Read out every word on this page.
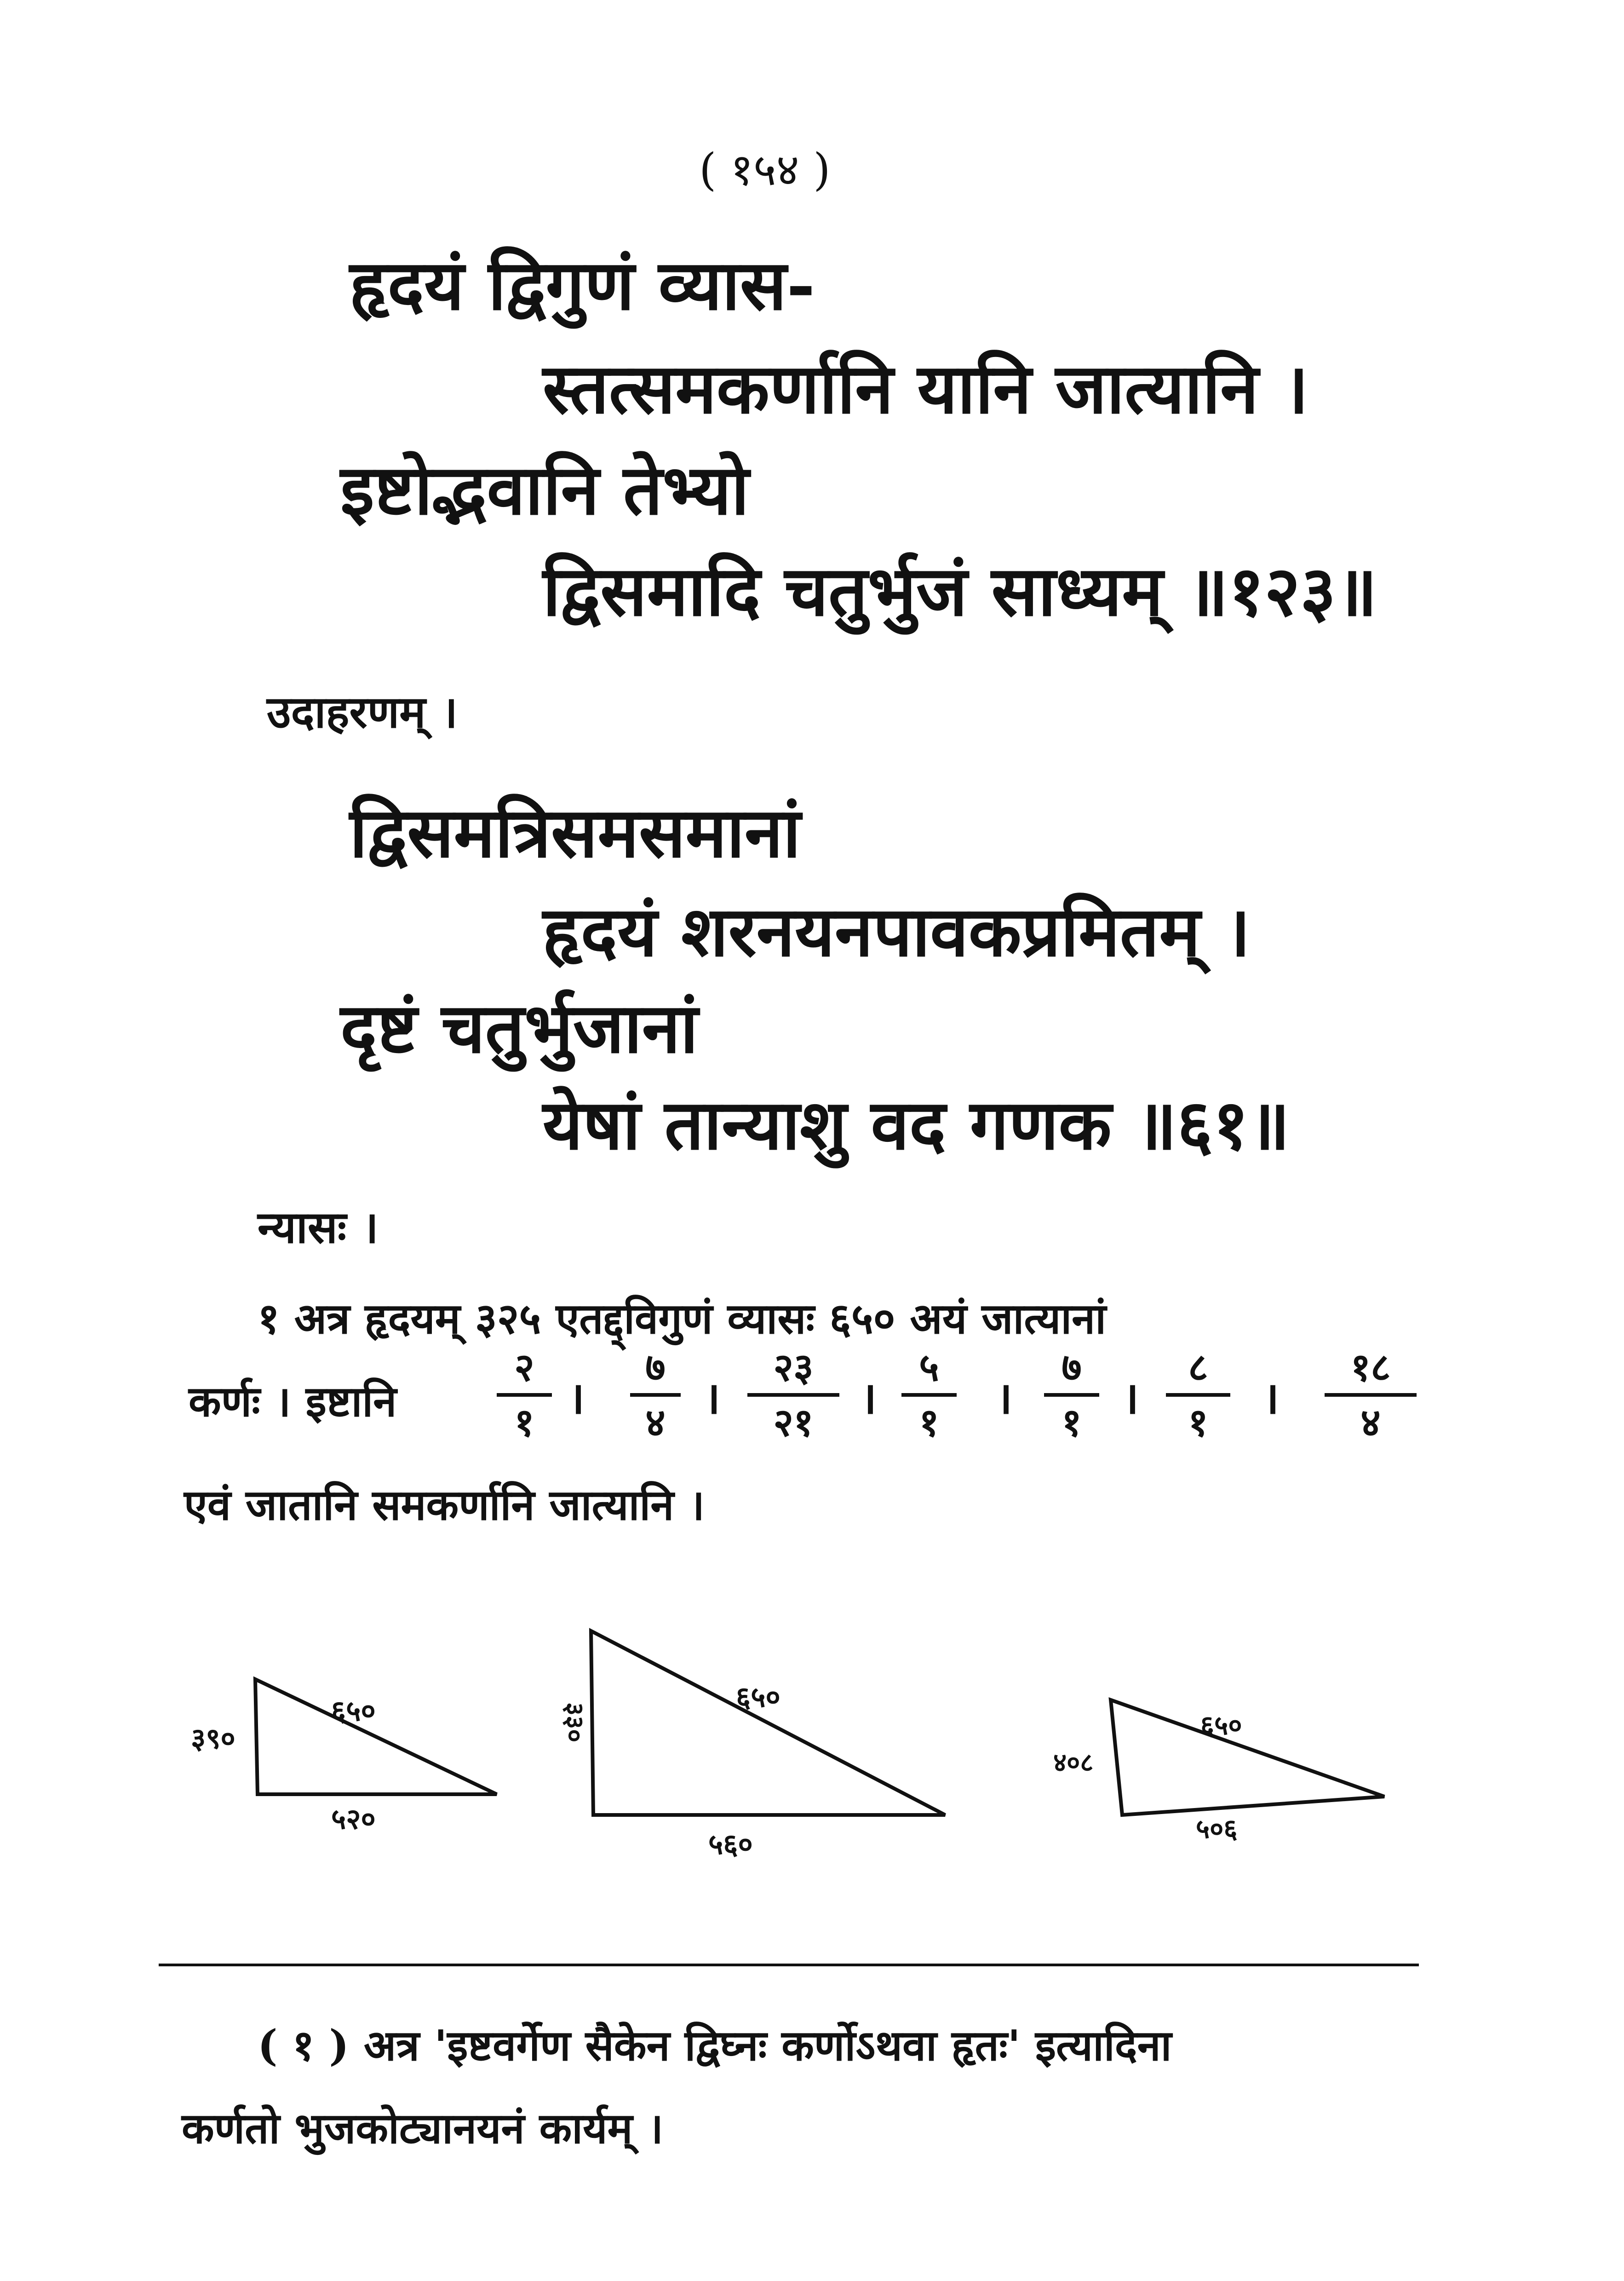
( १५४ )
हृदयं द्विगुणं व्यास-
स्तत्समकर्णानि यानि जात्यानि ।
इष्टोद्भवानि तेभ्यो
द्विसमादि चतुर्भुजं साध्यम् ॥१२३॥
उदाहरणम् ।
द्विसमत्रिसमसमानां
हृदयं शरनयनपावकप्रमितम् ।
दृष्टं चतुर्भुजानां
येषां तान्याशु वद गणक ॥६१॥
न्यासः ।
१ अत्र हृदयम् ३२५ एतद्द्विगुणं व्यासः ६५० अयं जात्यानां
कर्णः । इष्टानि
२
१ ।
७
४ ।
२३
२१	।
५
१	।
७
१ ।
८
१	।
१८
४
एवं जातानि समकर्णानि जात्यानि ।
६५०
३९०
५२०
६५०
३३०
५६०
६५०
४०८
५०६
( १ ) अत्र 'इष्टवर्गेण सैकेन द्विघ्नः कर्णोऽथवा हृतः' इत्यादिना
कर्णतो भुजकोट्यानयनं कार्यम् ।
